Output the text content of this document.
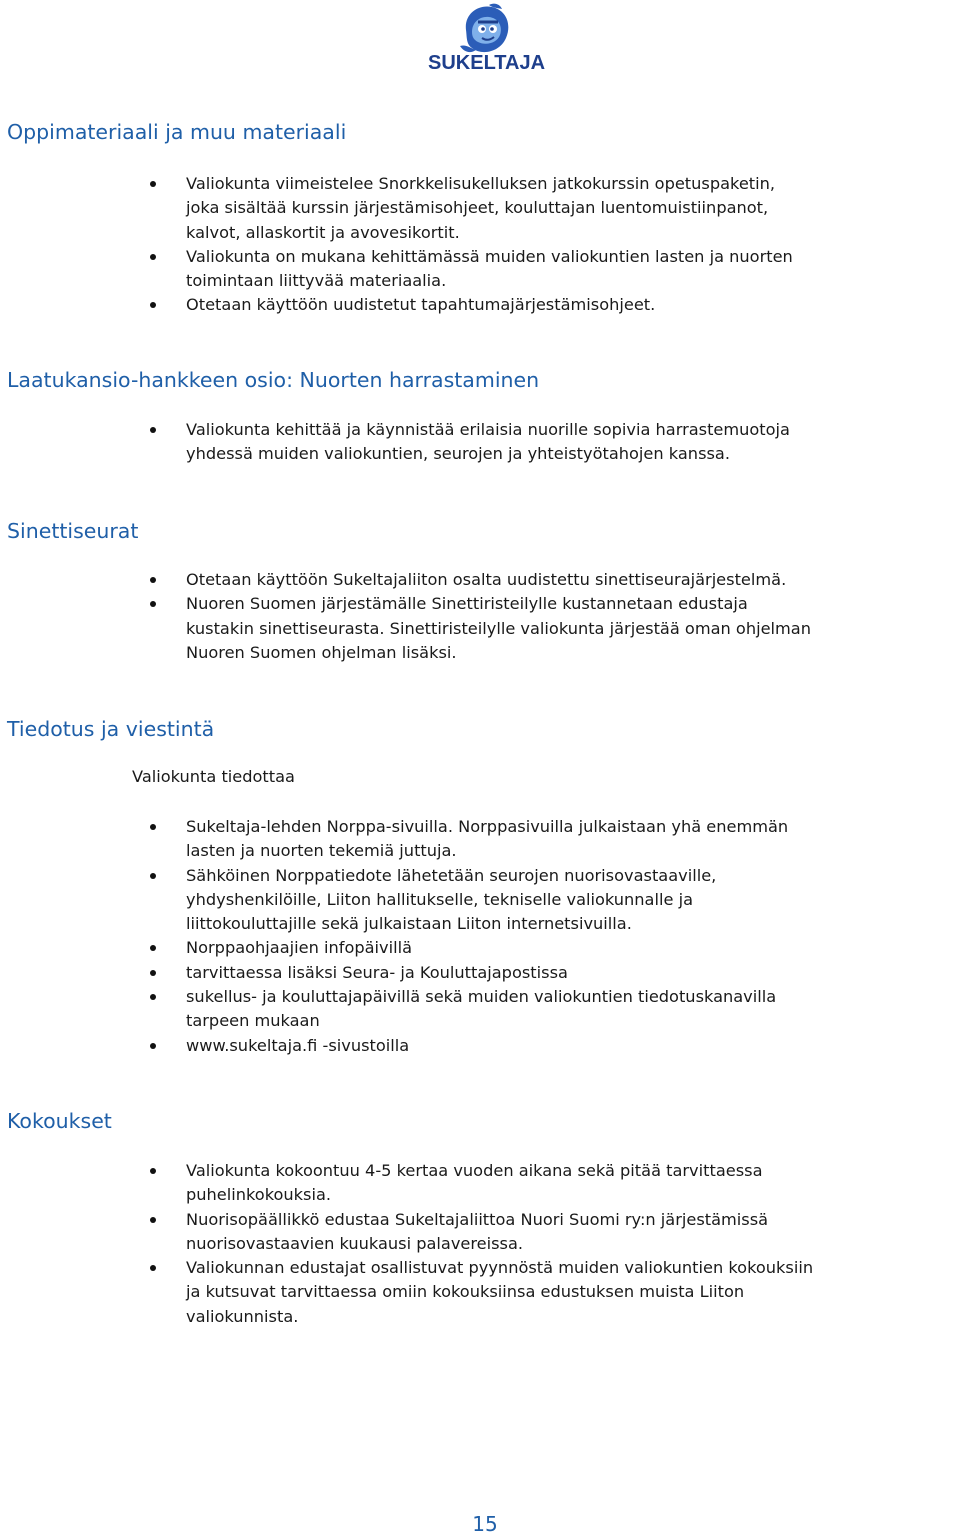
SUKELTAJA
Oppimateriaali ja muu materiaali
Valiokunta viimeistelee Snorkkelisukelluksen jatkokurssin opetuspaketin,
joka sisältää kurssin järjestämisohjeet, kouluttajan luentomuistiinpanot,
kalvot, allaskortit ja avovesikortit.
Valiokunta on mukana kehittämässä muiden valiokuntien lasten ja nuorten
toimintaan liittyvää materiaalia.
Otetaan käyttöön uudistetut tapahtumajärjestämisohjeet.
Laatukansio-hankkeen osio: Nuorten harrastaminen
Valiokunta kehittää ja käynnistää erilaisia nuorille sopivia harrastemuotoja
yhdessä muiden valiokuntien, seurojen ja yhteistyötahojen kanssa.
Sinettiseurat
Otetaan käyttöön Sukeltajaliiton osalta uudistettu sinettiseurajärjestelmä.
Nuoren Suomen järjestämälle Sinettiristeilylle kustannetaan edustaja
kustakin sinettiseurasta. Sinettiristeilylle valiokunta järjestää oman ohjelman
Nuoren Suomen ohjelman lisäksi.
Tiedotus ja viestintä
Valiokunta tiedottaa
Sukeltaja-lehden Norppa-sivuilla. Norppasivuilla julkaistaan yhä enemmän
lasten ja nuorten tekemiä juttuja.
Sähköinen Norppatiedote lähetetään seurojen nuorisovastaaville,
yhdyshenkilöille, Liiton hallitukselle, tekniselle valiokunnalle ja
liittokouluttajille sekä julkaistaan Liiton internetsivuilla.
Norppaohjaajien infopäivillä
tarvittaessa lisäksi Seura- ja Kouluttajapostissa
sukellus- ja kouluttajapäivillä sekä muiden valiokuntien tiedotuskanavilla
tarpeen mukaan
www.sukeltaja.fi -sivustoilla
Kokoukset
Valiokunta kokoontuu 4-5 kertaa vuoden aikana sekä pitää tarvittaessa
puhelinkokouksia.
Nuorisopäällikkö edustaa Sukeltajaliittoa Nuori Suomi ry:n järjestämissä
nuorisovastaavien kuukausi palavereissa.
Valiokunnan edustajat osallistuvat pyynnöstä muiden valiokuntien kokouksiin
ja kutsuvat tarvittaessa omiin kokouksiinsa edustuksen muista Liiton
valiokunnista.
15
